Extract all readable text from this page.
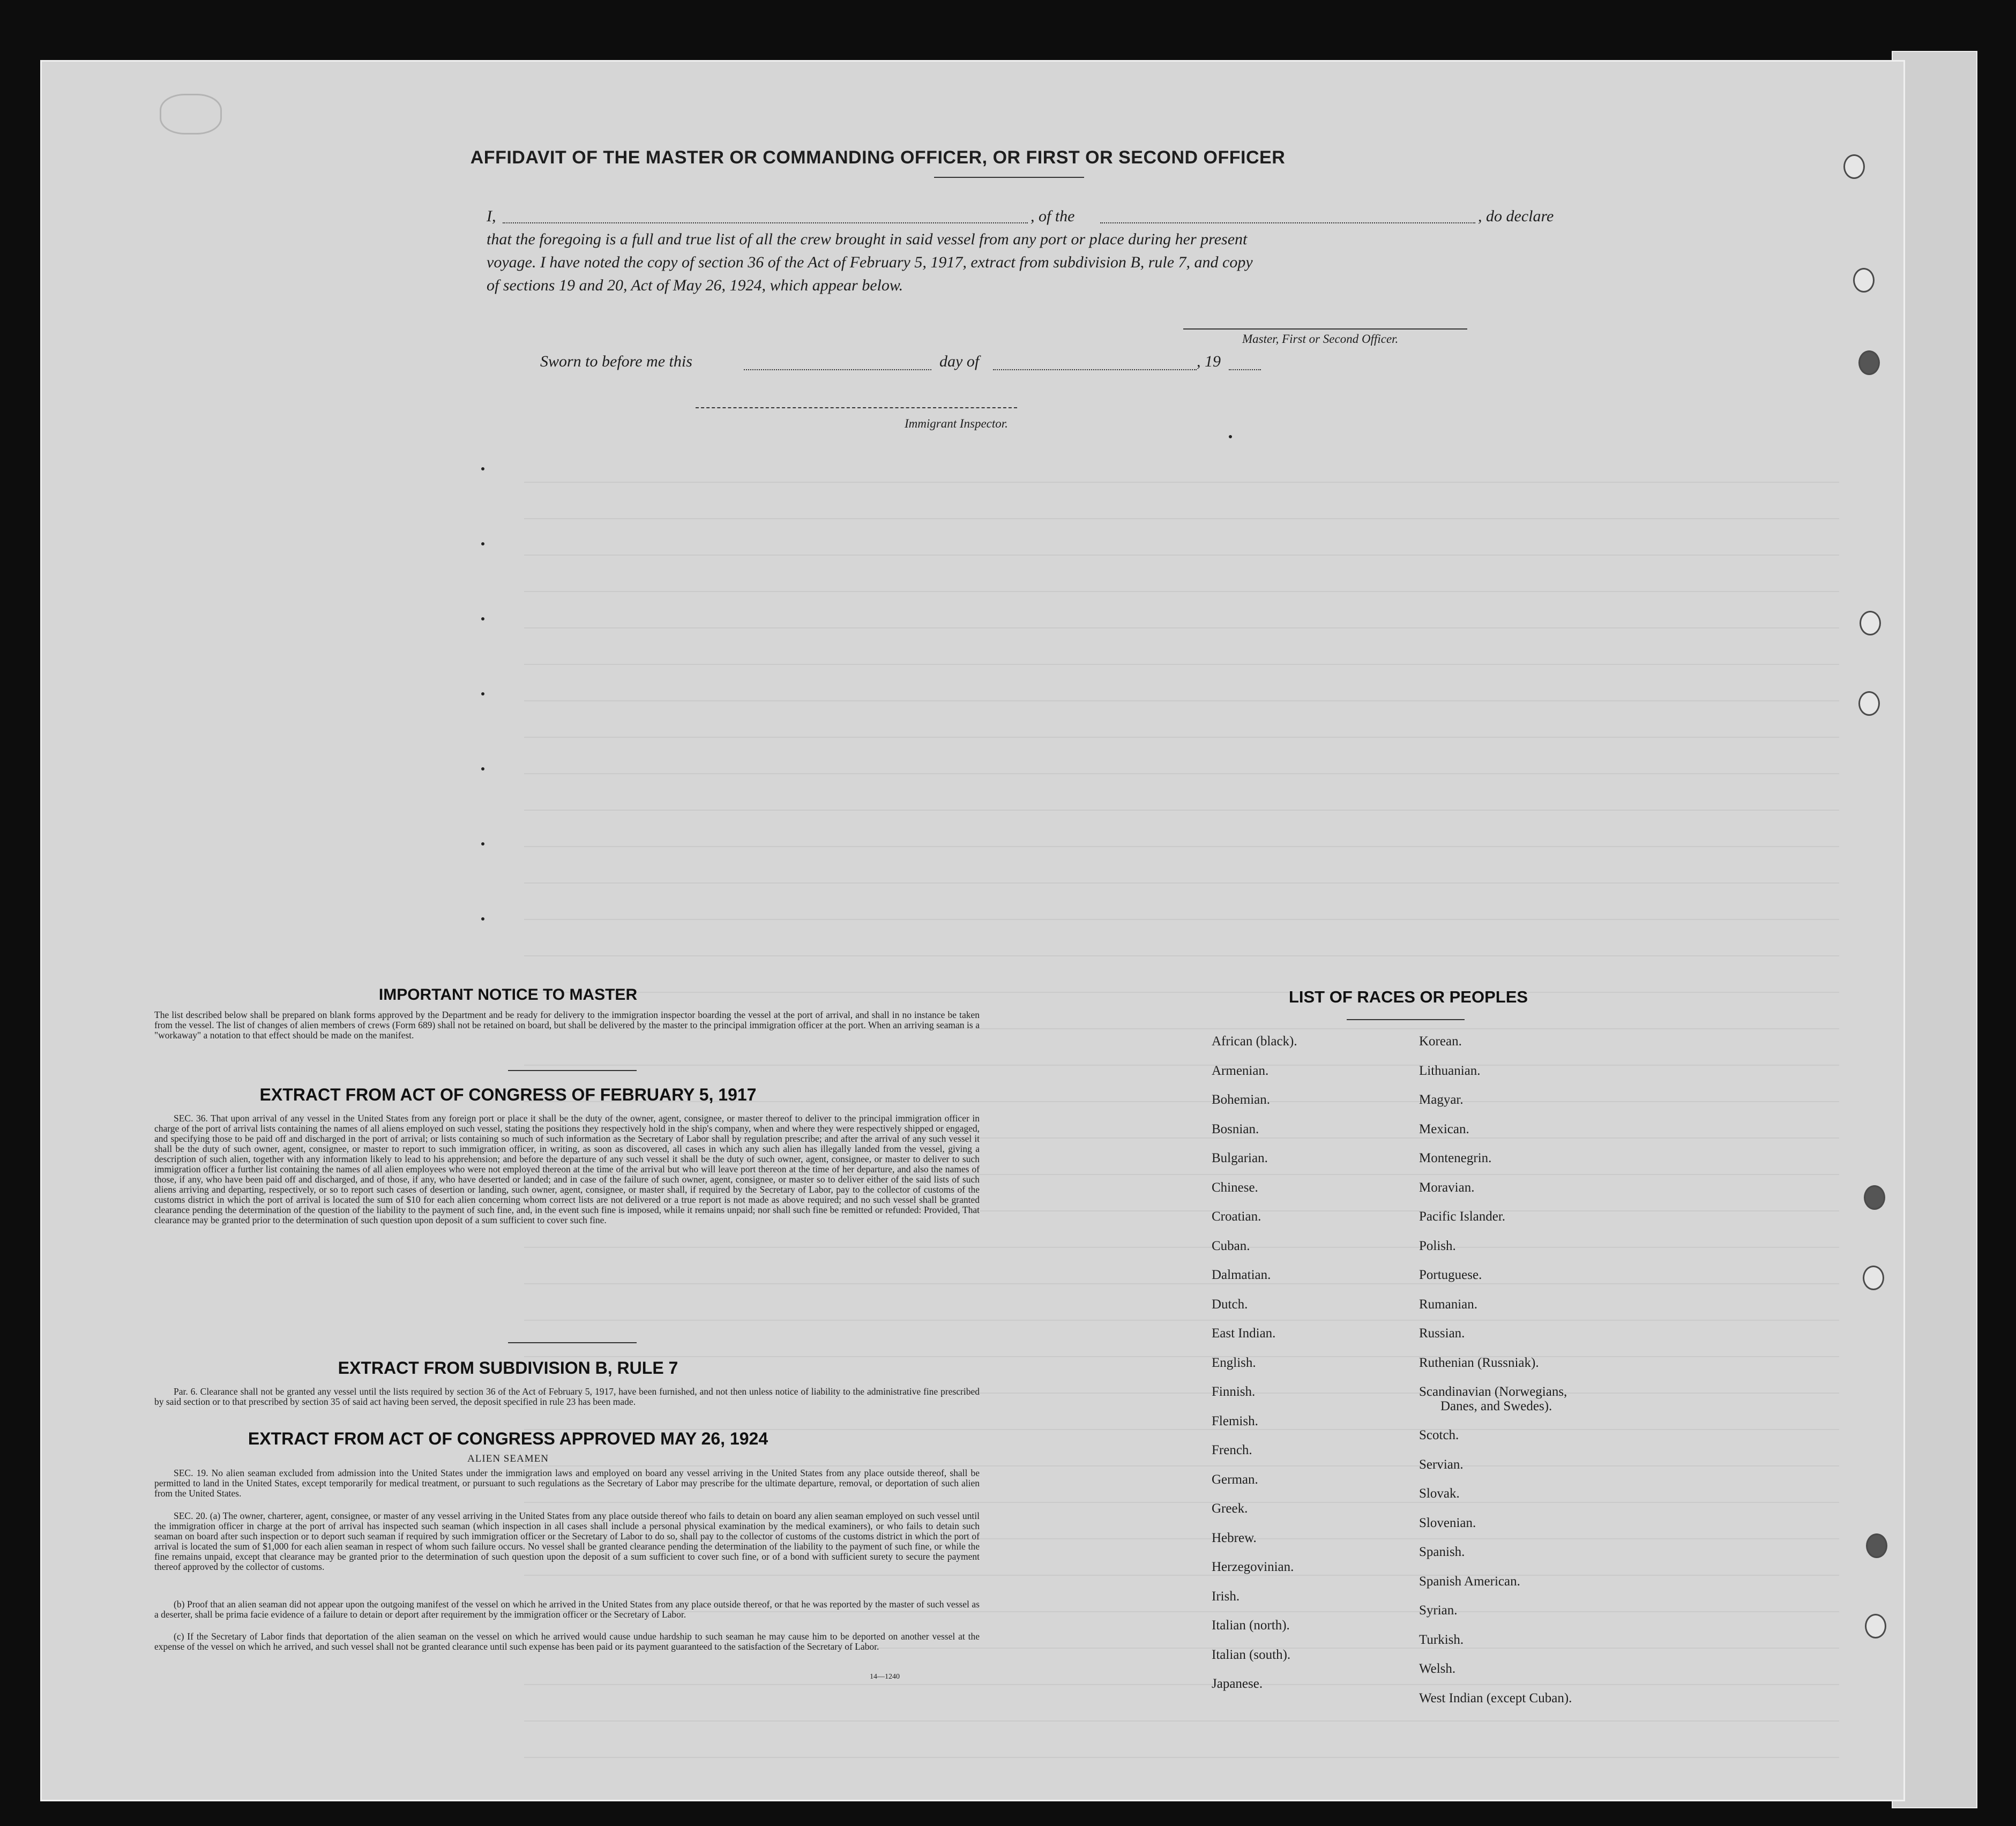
AFFIDAVIT OF THE MASTER OR COMMANDING OFFICER, OR FIRST OR SECOND OFFICER
I,	, of the	, do declare
that the foregoing is a full and true list of all the crew brought in said vessel from any port or place during her present
voyage. I have noted the copy of section 36 of the Act of February 5, 1917, extract from subdivision B, rule 7, and copy
of sections 19 and 20, Act of May 26, 1924, which appear below.
Master, First or Second Officer.
Sworn to before me this	day of	, 19
Immigrant Inspector.
IMPORTANT NOTICE TO MASTER
The list described below shall be prepared on blank forms approved by the Department and be ready for delivery to the immigration inspector boarding the vessel at the port of arrival, and shall in no instance be taken from the vessel. The list of changes of alien members of crews (Form 689) shall not be retained on board, but shall be delivered by the master to the principal immigration officer at the port. When an arriving seaman is a "workaway" a notation to that effect should be made on the manifest.
EXTRACT FROM ACT OF CONGRESS OF FEBRUARY 5, 1917
SEC. 36. That upon arrival of any vessel in the United States from any foreign port or place it shall be the duty of the owner, agent, consignee, or master thereof to deliver to the principal immigration officer in charge of the port of arrival lists containing the names of all aliens employed on such vessel, stating the positions they respectively hold in the ship's company, when and where they were respectively shipped or engaged, and specifying those to be paid off and discharged in the port of arrival; or lists containing so much of such information as the Secretary of Labor shall by regulation prescribe; and after the arrival of any such vessel it shall be the duty of such owner, agent, consignee, or master to report to such immigration officer, in writing, as soon as discovered, all cases in which any such alien has illegally landed from the vessel, giving a description of such alien, together with any information likely to lead to his apprehension; and before the departure of any such vessel it shall be the duty of such owner, agent, consignee, or master to deliver to such immigration officer a further list containing the names of all alien employees who were not employed thereon at the time of the arrival but who will leave port thereon at the time of her departure, and also the names of those, if any, who have been paid off and discharged, and of those, if any, who have deserted or landed; and in case of the failure of such owner, agent, consignee, or master so to deliver either of the said lists of such aliens arriving and departing, respectively, or so to report such cases of desertion or landing, such owner, agent, consignee, or master shall, if required by the Secretary of Labor, pay to the collector of customs of the customs district in which the port of arrival is located the sum of $10 for each alien concerning whom correct lists are not delivered or a true report is not made as above required; and no such vessel shall be granted clearance pending the determination of the question of the liability to the payment of such fine, and, in the event such fine is imposed, while it remains unpaid; nor shall such fine be remitted or refunded: Provided, That clearance may be granted prior to the determination of such question upon deposit of a sum sufficient to cover such fine.
EXTRACT FROM SUBDIVISION B, RULE 7
Par. 6. Clearance shall not be granted any vessel until the lists required by section 36 of the Act of February 5, 1917, have been furnished, and not then unless notice of liability to the administrative fine prescribed by said section or to that prescribed by section 35 of said act having been served, the deposit specified in rule 23 has been made.
EXTRACT FROM ACT OF CONGRESS APPROVED MAY 26, 1924
ALIEN SEAMEN
SEC. 19. No alien seaman excluded from admission into the United States under the immigration laws and employed on board any vessel arriving in the United States from any place outside thereof, shall be permitted to land in the United States, except temporarily for medical treatment, or pursuant to such regulations as the Secretary of Labor may prescribe for the ultimate departure, removal, or deportation of such alien from the United States.
SEC. 20. (a) The owner, charterer, agent, consignee, or master of any vessel arriving in the United States from any place outside thereof who fails to detain on board any alien seaman employed on such vessel until the immigration officer in charge at the port of arrival has inspected such seaman (which inspection in all cases shall include a personal physical examination by the medical examiners), or who fails to detain such seaman on board after such inspection or to deport such seaman if required by such immigration officer or the Secretary of Labor to do so, shall pay to the collector of customs of the customs district in which the port of arrival is located the sum of $1,000 for each alien seaman in respect of whom such failure occurs. No vessel shall be granted clearance pending the determination of the liability to the payment of such fine, or while the fine remains unpaid, except that clearance may be granted prior to the determination of such question upon the deposit of a sum sufficient to cover such fine, or of a bond with sufficient surety to secure the payment thereof approved by the collector of customs.
(b) Proof that an alien seaman did not appear upon the outgoing manifest of the vessel on which he arrived in the United States from any place outside thereof, or that he was reported by the master of such vessel as a deserter, shall be prima facie evidence of a failure to detain or deport after requirement by the immigration officer or the Secretary of Labor.
(c) If the Secretary of Labor finds that deportation of the alien seaman on the vessel on which he arrived would cause undue hardship to such seaman he may cause him to be deported on another vessel at the expense of the vessel on which he arrived, and such vessel shall not be granted clearance until such expense has been paid or its payment guaranteed to the satisfaction of the Secretary of Labor.
14—1240
LIST OF RACES OR PEOPLES
African (black).
Armenian.
Bohemian.
Bosnian.
Bulgarian.
Chinese.
Croatian.
Cuban.
Dalmatian.
Dutch.
East Indian.
English.
Finnish.
Flemish.
French.
German.
Greek.
Hebrew.
Herzegovinian.
Irish.
Italian (north).
Italian (south).
Japanese.
Korean.
Lithuanian.
Magyar.
Mexican.
Montenegrin.
Moravian.
Pacific Islander.
Polish.
Portuguese.
Rumanian.
Russian.
Ruthenian (Russniak).
Scandinavian (Norwegians,
Danes, and Swedes).
Scotch.
Servian.
Slovak.
Slovenian.
Spanish.
Spanish American.
Syrian.
Turkish.
Welsh.
West Indian (except Cuban).
